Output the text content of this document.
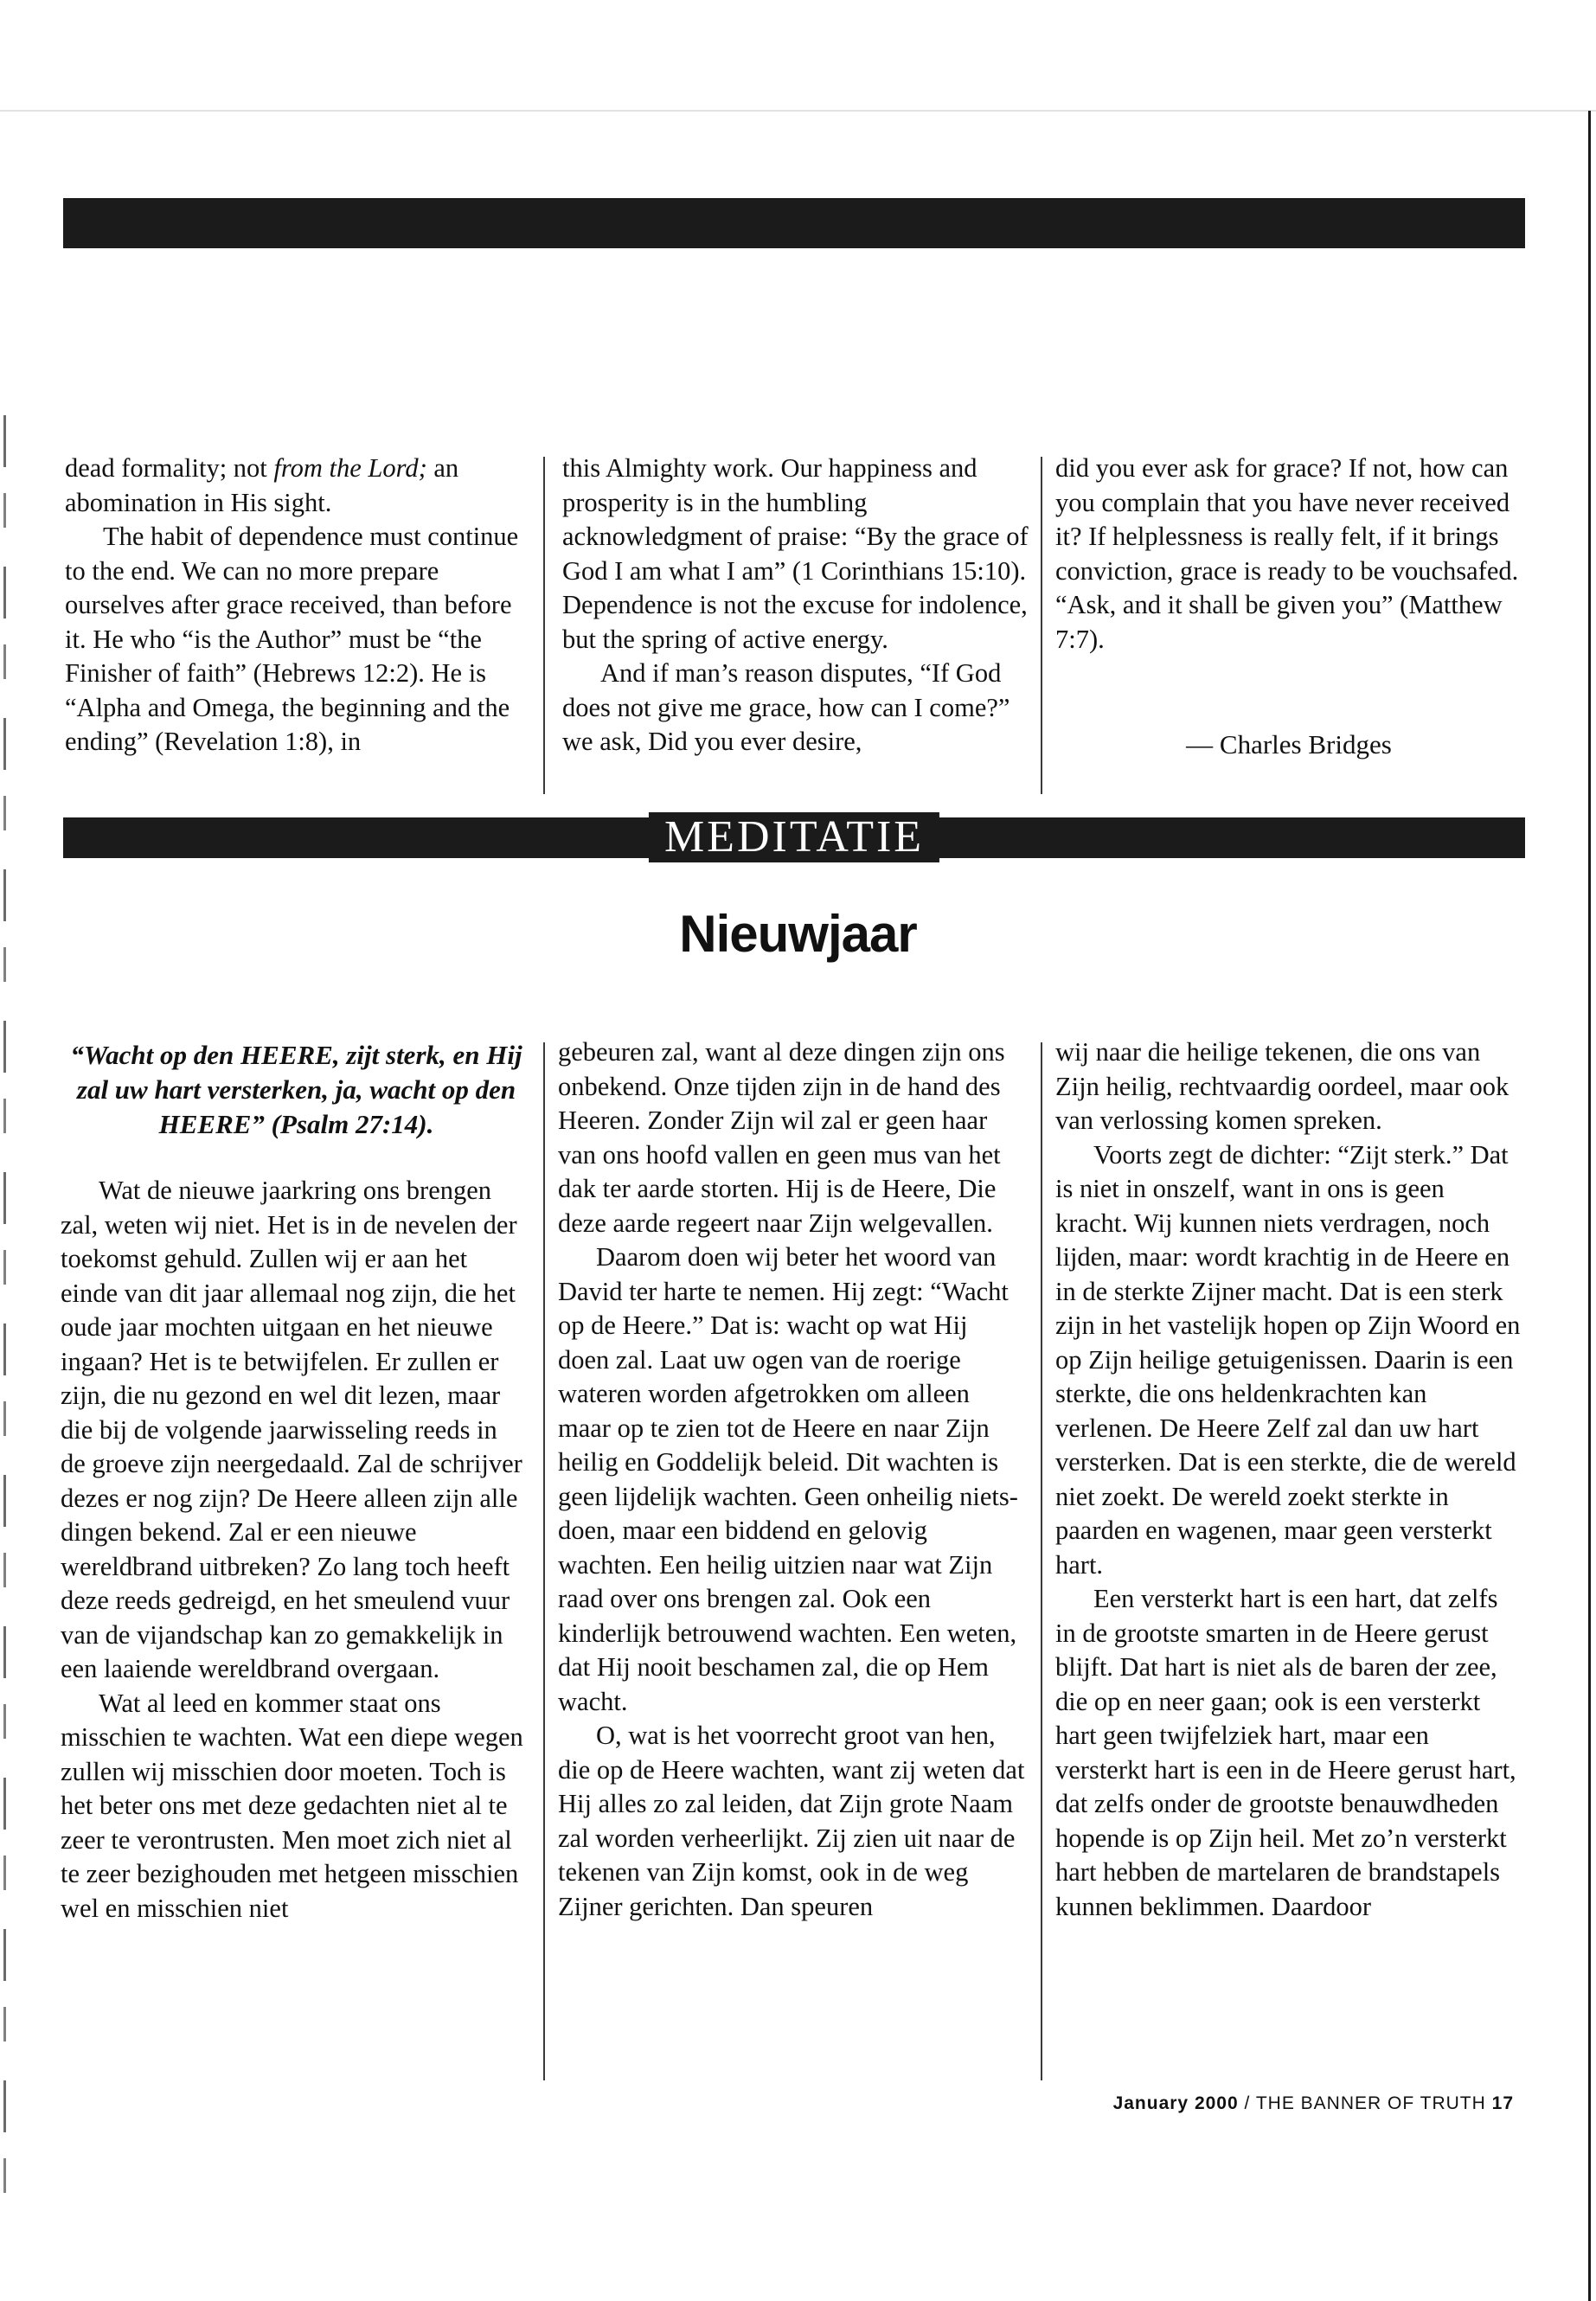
dead formality; not from the Lord; an abomination in His sight.

The habit of dependence must continue to the end. We can no more prepare ourselves after grace received, than before it. He who “is the Author” must be “the Finisher of faith” (Hebrews 12:2). He is “Alpha and Omega, the beginning and the ending” (Revelation 1:8), in

this Almighty work. Our happiness and prosperity is in the humbling acknowledgment of praise: “By the grace of God I am what I am” (1 Corinthians 15:10). Dependence is not the excuse for indolence, but the spring of active energy.

And if man’s reason disputes, “If God does not give me grace, how can I come?” we ask, Did you ever desire,

did you ever ask for grace? If not, how can you complain that you have never received it? If helplessness is really felt, if it brings conviction, grace is ready to be vouchsafed. “Ask, and it shall be given you” (Matthew 7:7).

— Charles Bridges
MEDITATIE
Nieuwjaar
“Wacht op den HEERE, zijt sterk, en Hij zal uw hart versterken, ja, wacht op den HEERE” (Psalm 27:14).

Wat de nieuwe jaarkring ons brengen zal, weten wij niet. Het is in de nevelen der toekomst gehuld. Zullen wij er aan het einde van dit jaar allemaal nog zijn, die het oude jaar mochten uitgaan en het nieuwe ingaan? Het is te betwijfelen. Er zullen er zijn, die nu gezond en wel dit lezen, maar die bij de volgende jaarwisseling reeds in de groeve zijn neergedaald. Zal de schrijver dezes er nog zijn? De Heere alleen zijn alle dingen bekend. Zal er een nieuwe wereldbrand uitbreken? Zo lang toch heeft deze reeds gedreigd, en het smeulend vuur van de vijandschap kan zo gemakkelijk in een laaiende wereldbrand overgaan.

Wat al leed en kommer staat ons misschien te wachten. Wat een diepe wegen zullen wij misschien door moeten. Toch is het beter ons met deze gedachten niet al te zeer te verontrusten. Men moet zich niet al te zeer bezighouden met hetgeen misschien wel en misschien niet

gebeuren zal, want al deze dingen zijn ons onbekend. Onze tijden zijn in de hand des Heeren. Zonder Zijn wil zal er geen haar van ons hoofd vallen en geen mus van het dak ter aarde storten. Hij is de Heere, Die deze aarde regeert naar Zijn welgevallen.

Daarom doen wij beter het woord van David ter harte te nemen. Hij zegt: “Wacht op de Heere.” Dat is: wacht op wat Hij doen zal. Laat uw ogen van de roerige wateren worden afgetrokken om alleen maar op te zien tot de Heere en naar Zijn heilig en Goddelijk beleid. Dit wachten is geen lijdelijk wachten. Geen onheilig niets-doen, maar een biddend en gelovig wachten. Een heilig uitzien naar wat Zijn raad over ons brengen zal. Ook een kinderlijk betrouwend wachten. Een weten, dat Hij nooit beschamen zal, die op Hem wacht.

O, wat is het voorrecht groot van hen, die op de Heere wachten, want zij weten dat Hij alles zo zal leiden, dat Zijn grote Naam zal worden verheerlijkt. Zij zien uit naar de tekenen van Zijn komst, ook in de weg Zijner gerichten. Dan speuren

wij naar die heilige tekenen, die ons van Zijn heilig, rechtvaardig oordeel, maar ook van verlossing komen spreken.

Voorts zegt de dichter: “Zijt sterk.” Dat is niet in onszelf, want in ons is geen kracht. Wij kunnen niets verdragen, noch lijden, maar: wordt krachtig in de Heere en in de sterkte Zijner macht. Dat is een sterk zijn in het vastelijk hopen op Zijn Woord en op Zijn heilige getuigenissen. Daarin is een sterkte, die ons heldenkrachten kan verlenen. De Heere Zelf zal dan uw hart versterken. Dat is een sterkte, die de wereld niet zoekt. De wereld zoekt sterkte in paarden en wagenen, maar geen versterkt hart.

Een versterkt hart is een hart, dat zelfs in de grootste smarten in de Heere gerust blijft. Dat hart is niet als de baren der zee, die op en neer gaan; ook is een versterkt hart geen twijfelziek hart, maar een versterkt hart is een in de Heere gerust hart, dat zelfs onder de grootste benauwdheden hopende is op Zijn heil. Met zo’n versterkt hart hebben de martelaren de brandstapels kunnen beklimmen. Daardoor

January 2000 / THE BANNER OF TRUTH 17
